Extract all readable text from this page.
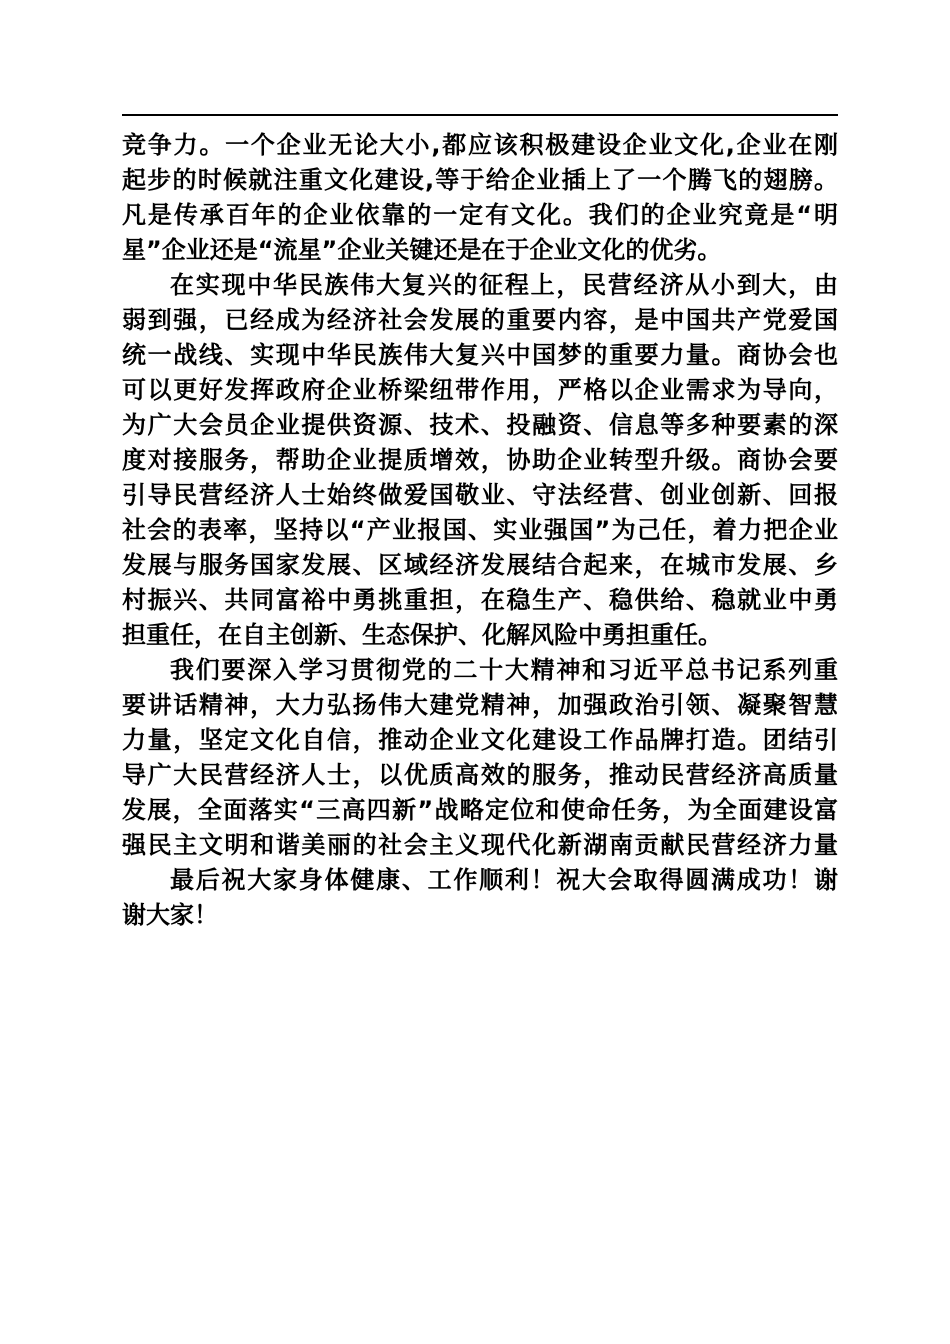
竞争力。一个企业无论大小,都应该积极建设企业文化,企业在刚
起步的时候就注重文化建设,等于给企业插上了一个腾飞的翅膀。
凡是传承百年的企业依靠的一定有文化。我们的企业究竟是“明
星”企业还是“流星”企业关键还是在于企业文化的优劣。
在实现中华民族伟大复兴的征程上，民营经济从小到大，由
弱到强，已经成为经济社会发展的重要内容，是中国共产党爱国
统一战线、实现中华民族伟大复兴中国梦的重要力量。商协会也
可以更好发挥政府企业桥梁纽带作用，严格以企业需求为导向，
为广大会员企业提供资源、技术、投融资、信息等多种要素的深
度对接服务，帮助企业提质增效，协助企业转型升级。商协会要
引导民营经济人士始终做爱国敬业、守法经营、创业创新、回报
社会的表率，坚持以“产业报国、实业强国”为己任，着力把企业
发展与服务国家发展、区域经济发展结合起来，在城市发展、乡
村振兴、共同富裕中勇挑重担，在稳生产、稳供给、稳就业中勇
担重任，在自主创新、生态保护、化解风险中勇担重任。
我们要深入学习贯彻党的二十大精神和习近平总书记系列重
要讲话精神，大力弘扬伟大建党精神，加强政治引领、凝聚智慧
力量，坚定文化自信，推动企业文化建设工作品牌打造。团结引
导广大民营经济人士，以优质高效的服务，推动民营经济高质量
发展，全面落实“三高四新”战略定位和使命任务，为全面建设富
强民主文明和谐美丽的社会主义现代化新湖南贡献民营经济力量
最后祝大家身体健康、工作顺利！祝大会取得圆满成功！谢
谢大家！
